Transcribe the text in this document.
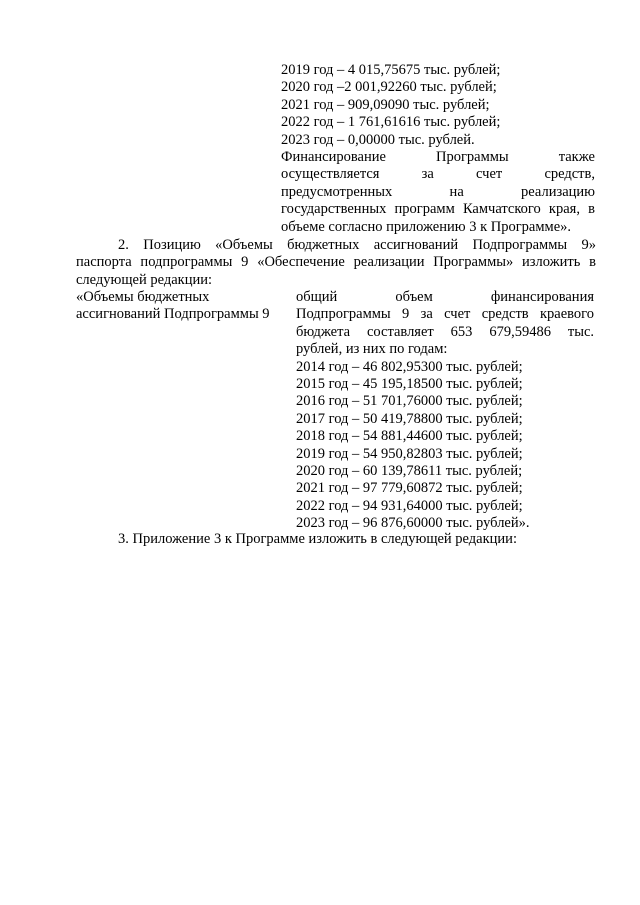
2019 год – 4 015,75675 тыс. рублей;
2020 год –2 001,92260 тыс. рублей;
2021 год – 909,09090 тыс. рублей;
2022 год – 1 761,61616 тыс. рублей;
2023 год – 0,00000 тыс. рублей.
Финансирование Программы также
осуществляется за счет средств,
предусмотренных на реализацию
государственных программ Камчатского края, в
объеме согласно приложению 3 к Программе».
2. Позицию «Объемы бюджетных ассигнований Подпрограммы 9»
паспорта подпрограммы 9 «Обеспечение реализации Программы» изложить в
следующей редакции:
«Объемы бюджетных
ассигнований Подпрограммы 9
общий объем финансирования
Подпрограммы 9 за счет средств краевого
бюджета составляет 653 679,59486 тыс.
рублей, из них по годам:
2014 год – 46 802,95300 тыс. рублей;
2015 год – 45 195,18500 тыс. рублей;
2016 год – 51 701,76000 тыс. рублей;
2017 год – 50 419,78800 тыс. рублей;
2018 год – 54 881,44600 тыс. рублей;
2019 год – 54 950,82803 тыс. рублей;
2020 год – 60 139,78611 тыс. рублей;
2021 год – 97 779,60872 тыс. рублей;
2022 год – 94 931,64000 тыс. рублей;
2023 год – 96 876,60000 тыс. рублей».
3. Приложение 3 к Программе изложить в следующей редакции:
